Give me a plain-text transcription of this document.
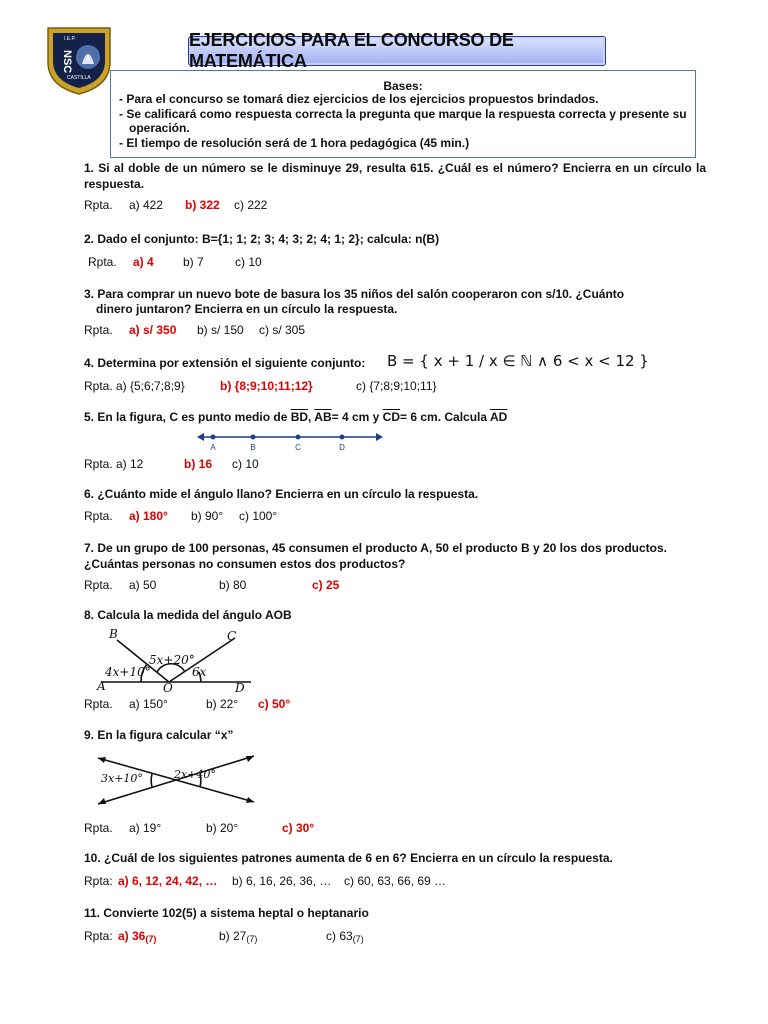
I.E.P.
CASTILLA
NSC
EJERCICIOS PARA EL CONCURSO DE MATEMÁTICA
Bases:
- Para el concurso se tomará diez ejercicios de los ejercicios propuestos brindados.
- Se calificará como respuesta correcta la pregunta que marque la respuesta correcta y presente su operación.
- El tiempo de resolución será de 1 hora pedagógica (45 min.)
1. Si al doble de un número se le disminuye 29, resulta 615. ¿Cuál es el número? Encierra en un círculo la respuesta.
Rpta. a) 422 b) 322 c) 222
2. Dado el conjunto: B={1; 1; 2; 3; 4; 3; 2; 4; 1; 2}; calcula: n(B)
Rpta. a) 4 b) 7	c) 10
3. Para comprar un nuevo bote de basura los 35 niños del salón cooperaron con s/10. ¿Cuánto
dinero juntaron? Encierra en un círculo la respuesta.
Rpta. a) s/ 350 b) s/ 150 c) s/ 305
4. Determina por extensión el siguiente conjunto: B = { x + 1 / x ∈ ℕ ∧ 6 < x < 12 }
Rpta. a) {5;6;7;8;9}	b) {8;9;10;11;12}	c) {7;8;9;10;11}
5. En la figura, C es punto medio de $\overline{BD}$, $\overline{AB}= 4$ cm y $\overline{CD}= 6$ cm. Calcula $\overline{AD}$
A	B	C	D
Rpta. a) 12	b) 16 c) 10
6. ¿Cuánto mide el ángulo llano? Encierra en un círculo la respuesta.
Rpta. a) 180° b) 90° c) 100°
7. De un grupo de 100 personas, 45 consumen el producto A, 50 el producto B y 20 los dos productos. ¿Cuántas personas no consumen estos dos productos?
Rpta. a) 50	b) 80	c) 25
8. Calcula la medida del ángulo AOB
B	C
A	O	D
5x+20°
4x+10°	6x
Rpta. a) 150°	b) 22° c) 50°
9. En la figura calcular “x”
3x+10°	2x+40°
Rpta. a) 19°	b) 20°	c) 30°
10. ¿Cuál de los siguientes patrones aumenta de 6 en 6? Encierra en un círculo la respuesta.
Rpta: a) 6, 12, 24, 42, … b) 6, 16, 26, 36, … c) 60, 63, 66, 69 …
11. Convierte 102(5) a sistema heptal o heptanario
Rpta: a) $36_{(7)}$	b) $27_{(7)}$	c) $63_{(7)}$
